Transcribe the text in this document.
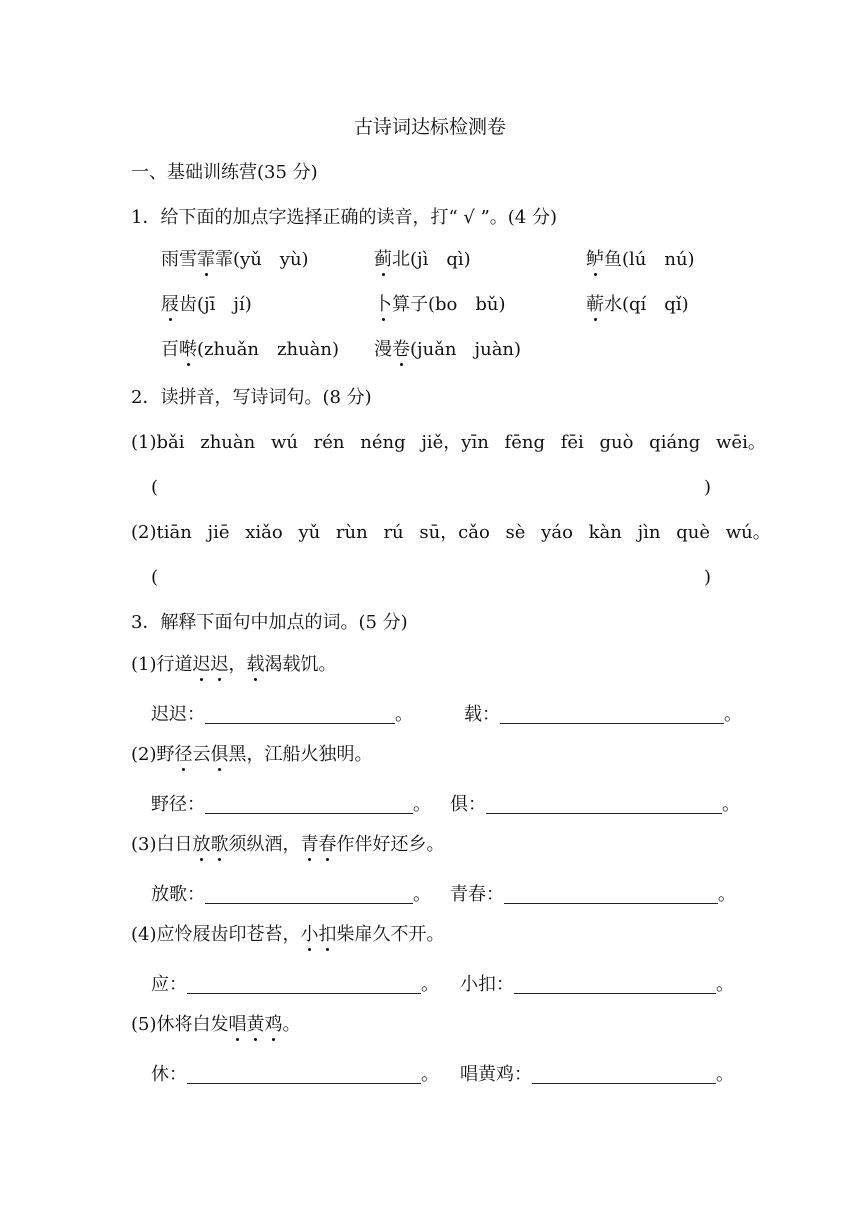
古诗词达标检测卷
一、基础训练营(35 分)
1．给下面的加点字选择正确的读音，打“ √ ”。(4 分)
雨雪霏霏(yǔ　yù)	蓟北(jì　qì)	鲈鱼(lú　nú)
屐齿(jī　jí)	卜算子(bo　bǔ)	蕲水(qí　qǐ)
百啭(zhuǎn　zhuàn) 漫卷(juǎn　juàn)
2．读拼音，写诗词句。(8 分)
(1)bǎi zhuàn wú rén néng jiě，yīn fēng fēi guò qiáng wēi。
(	)
(2)tiān jiē xiǎo yǔ rùn rú sū，cǎo sè yáo kàn jìn què wú。
(	)
3．解释下面句中加点的词。(5 分)
(1)行道迟迟，载渴载饥。
迟迟：	。	载：	。
(2)野径云俱黑，江船火独明。
野径：	。 俱：	。
(3)白日放歌须纵酒，青春作伴好还乡。
放歌：	。 青春：	。
(4)应怜屐齿印苍苔，小扣柴扉久不开。
应：	。 小扣：	。
(5)休将白发唱黄鸡。
休：	。 唱黄鸡：	。
